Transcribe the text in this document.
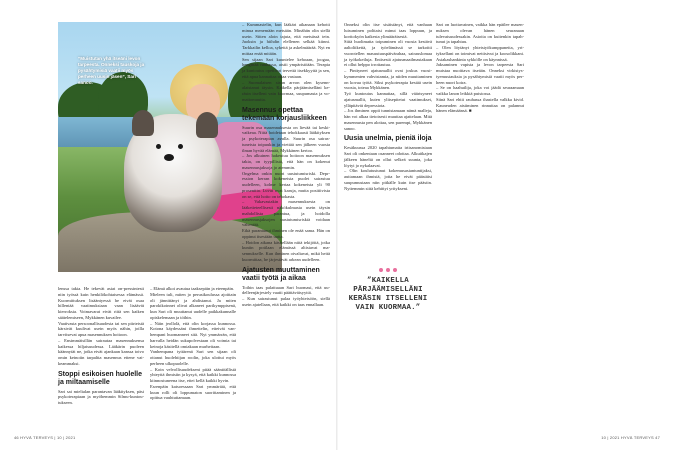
”Muistutan yhä itseäni levon tarpeesta. Onneksi tauskoja ja pysähtymisiä vaatii myös perheen uusin jäsen”, Sari sanoo.

lenssa takia. He tekevät asiat on-pressintesti niin työssä kuin henkilökohtaisessa elämässä. Kuormittuksen lisääntyessä he eivät osaa hillentää vaatimuksiaan vaan lisäävät kierroksia. Voimavarat eivät riitä sen kaiken säätelemiseen, Mykkänen kuvailee.

Vaativasta persoonallisuudesta tai sen piirteistä kärsivät kuulivat usein myös nähin, joilla tarvitsevat apua masennuksen hoitoon.

– Ensimmäisillän sairautaa masennuksensa kaikessa hiljaisuudessa. Lääkärin puoleen käännytät ne, jotka eivät ajankaan kanssa toivo omin keinoiin tarpaltta masennus ettene vaikeammaksi.

Stoppi esikoisen huolelle ja miltaamiselle

Sari sai mielialan parantavan lääkityksen, päsi psykoterapiaan ja myöhemmin Silmu-kuntoutukseen.

– Elämä alkoi avautua taaksepäin ja eteenpäin.

Mieleen tuli, miten jo perusikoulussa ajoittain oli jännittänyt ja ahdistanut. Ja miten parokikoinnet olivat alkaneet parikymppisenä, kun Sari oli muuttanut uudelle paikkakunnalle opiskelemaan ja töihin.

– Näin jeollolä, että olin korjassa kunnossa. Kotona käydessäni ihmettelin, etteivät vanhempani huomanneet sitä. Nyt ymmärrän, että harvalla heidän sukupolvestaan oli voimia tai keinoja käsitellä omiakaan murheitaan.

Vanhempana tyttärenä Sari sen sijaan oli ottanut huolehtijan roolin, joka ulottui myös perheen ulkopuolelle.

– Koin velvollisuudekseni pitää sääntöällistä yhteyttä ihmisiin ja kysyä, että kaikki kunnossa kiinnostuneena itse, ettei kellä kaikki hyvin.

Esrenpäin katsoessaan Sari ymmärtää, että kuun rolli oli loppumaton suorittaminen ja opittua vauhtuttamaan.

– Kummastelin, kun lääkäri aikanaan kehotti minua menemään metsään. Minähän olin siellä usein. Sitten aloin tajuta, että metsässä tein. Juoksin ja hiihdin elellenen selkää kiinni. Tarkkailin kelloa, sykettä ja askelmäärää. Nyt en mittaa enää mitään.

Sen sijaan Sari kuuntelee kehoaan, joogaa, hengittää rauhassa, aistii ympäristöään. Terapia ja kuntoutus opettivat tervettä itsekkyyttä ja sen, että apua kannattaa ottaa vastaan.

– Suomalaisen sisun arvon olen kysennalaistanut täysin. Kaikella pärjäämiselläni keräsin itselleni vain kuormaa, suupumasta ja vomattomuutta.

Masennus opettaa tekemään korjausliikkeen

Suurin osa masennuksesta on lievää tai keskivaikeaa. Niitä hoidetaan tehokkaasti lääkityksen ja psykoterapian avulla. Suurin osa sairastuneista toipuukin ja viettää sen jälkeen vuosia ilman hyvää elämää, Mykkänen kertoo.

– Jos alkuinen hakeutuu hoitoon masennuksen takia, on tyypillistä, että hän on kokenut masennusjaksoja jo aiemmin.

Ongelma onkin nuori uusiutumisriski. Depression kerran kokeneista puolet sairastuu uudelleen, kolme kertaa kokeneista yli 90 prosenttia. Luvut ovat karuja, mutta positiivista on se, että hoito on tehokasta.

– Vakavastakin masennuksesta on lääketieteellisesti näkökulmasta usein täysin mahdollista parantua, ja hoidolla masennusjaksojen uusiutumisriskiä voidaan vähentää.

Eikä parantunut ihminen ole enää sama. Hän on oppinut itsestään uutta.

– Hoidon aikana käsitellään niitä tekijöitä, jotka kuniin potilaan elämässä altistavat masennukselle. Kun ihminen oivaltavat, mikä heitä kuormittaa, he järjestävät arkean uudelleen.

Ajatusten muuttaminen vaatii työtä ja aikaa

Toihin taas palattuaan Sari huomasi, että uudelleenjärjestely vaatii päättäväisyyttä.

– Kun sairastunut palaa työyhteisöön, siellä usein ajatellaan, että kaikki on taas ennallaan.

Onneksi olin itse sisäistänyt, että vanhaan luisuminen polttaisi minut taas loppuun, ja korttokyön kaikesta ylimääräisestä.

Siitä huolimatta toipuminen oli vuosia kestävä aaltoliikettä, ja työelämässä se tarkoitti vuorotellen masuutuuspäivärahaa, sairauslomaa ja työkokeiluja. Entisestä ajatusmaailmastakaan ei ollut helppo irrottautua.

– Pinttyneet ajatusmallit ovat joskus vuosikymmenten vahvistamia, ja niiden muuttaminen on kovaa työtä. Siksi psykoterapia kestää usein vuosia, toteaa Mykkänen.

Työ kuntoutus kannattaa, sillä väärisyneet ajatusmallit, kuten ylitsepitetut vaatimukset, ylläpitävät depressiota.

– Jos ihminen oppii tunnistamaan nämä malleja, hän voi alkaa tietoisesti muuttaa ajattelaan. Mitä masennusta pen alottaa, sen parempi, Mykkänen sanoo.

Uusia unelmia, pieniä iloja

Kesäkuussa 2020 tapahtumatta irtisanomistaan Sari oli onkentaan osanneet odottaa. Alkuitkajen jälkeen häneltä on ollut selkeä suunta, joka löytyi jo nykalaavat.

– Olin koulutustunut kokemusasiantuntijaksi, auttamaan ihmisiä, jotta he eivät päästäisi suupumustaan niin pitkälle kuin itse päästin. Nyttemmin siitä kehittyi yritykseni.

Sari on luottavainen, vaikka hän epäilee masennuksen olevan hänen seuranaan tulevaisuudessakin. Asioita on kuitenkin tapahtunut ja tapahtuu.

– Olen löytänyt yhteistyökumppaneita, yrityksellani on toimivat nettisivut ja koosolikkani. Asiakashankinta sykkölle on käynnissä.

Jaksaminen vapista ja levon tarpeesta Sari muistaa nuoittava itseään. Onneksi virkistystyemustauksia ja pysähtymisiä vaatii myös perheen nuori koira.

– Se on haahuilija, joka voi jäädä seuraamaan vaikka lanon leikkiä puistossa.

Siinä Sari ehtii rauhassa ihastella valkka kivid. Kauneuden aistiminen rinnuttaa on palannut hänen elämäänsä. ■

”KAIKELLA PÄRJÄÄMISELLÄNI KERÄSIN ITSELLENI VAIN KUORMAA.”
46 HYVÄ TERVEYS | 10 | 2021	10 | 2021 HYVÄ TERVEYS 47
